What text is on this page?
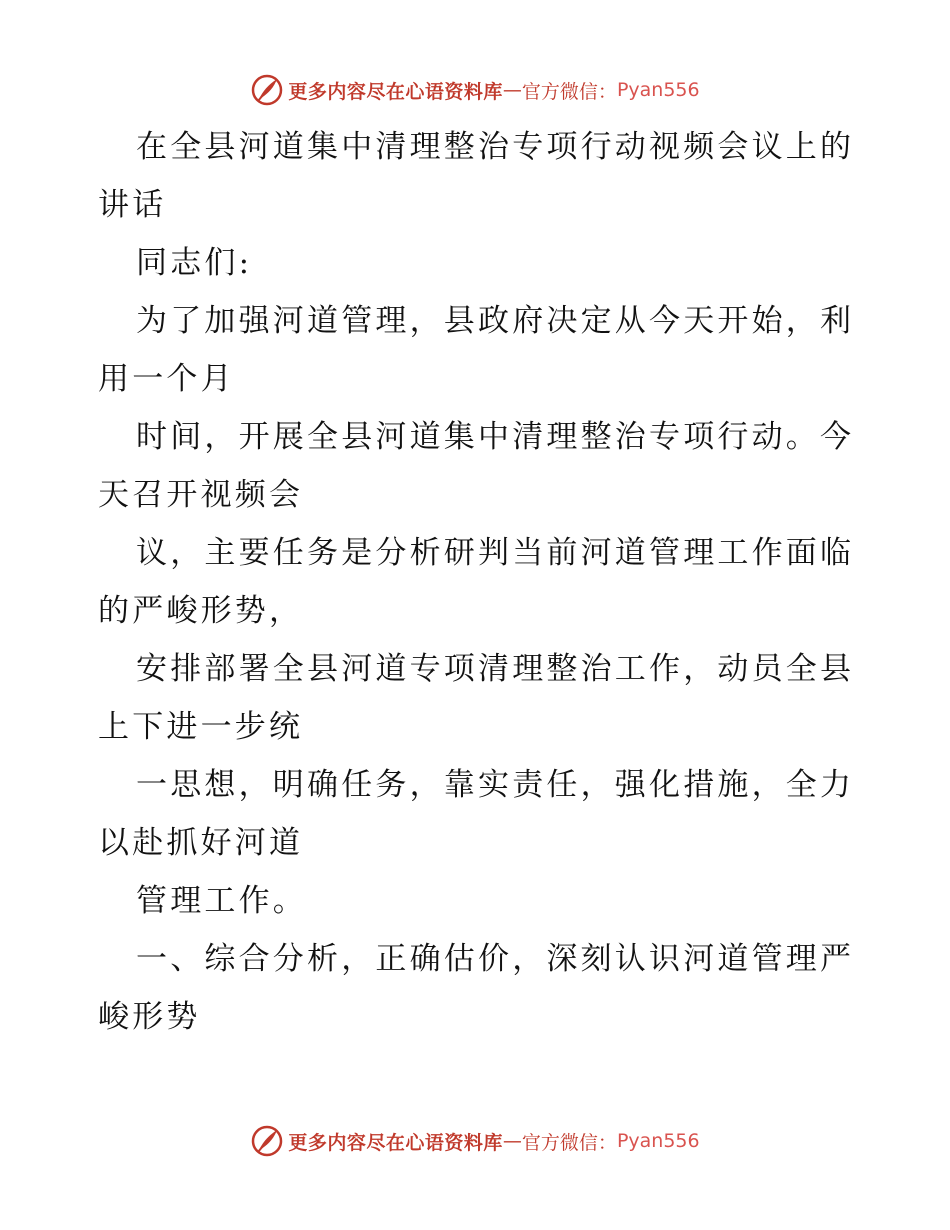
更多内容尽在心语资料库 — 官方微信： Pyan556

在全县河道集中清理整治专项行动视频会议上的讲话

同志们:

为了加强河道管理，县政府决定从今天开始，利用一个月

时间，开展全县河道集中清理整治专项行动。今天召开视频会

议，主要任务是分析研判当前河道管理工作面临的严峻形势，

安排部署全县河道专项清理整治工作，动员全县上下进一步统

一思想，明确任务，靠实责任，强化措施，全力以赴抓好河道

管理工作。

一、综合分析，正确估价，深刻认识河道管理严峻形势

更多内容尽在心语资料库 — 官方微信： Pyan556
